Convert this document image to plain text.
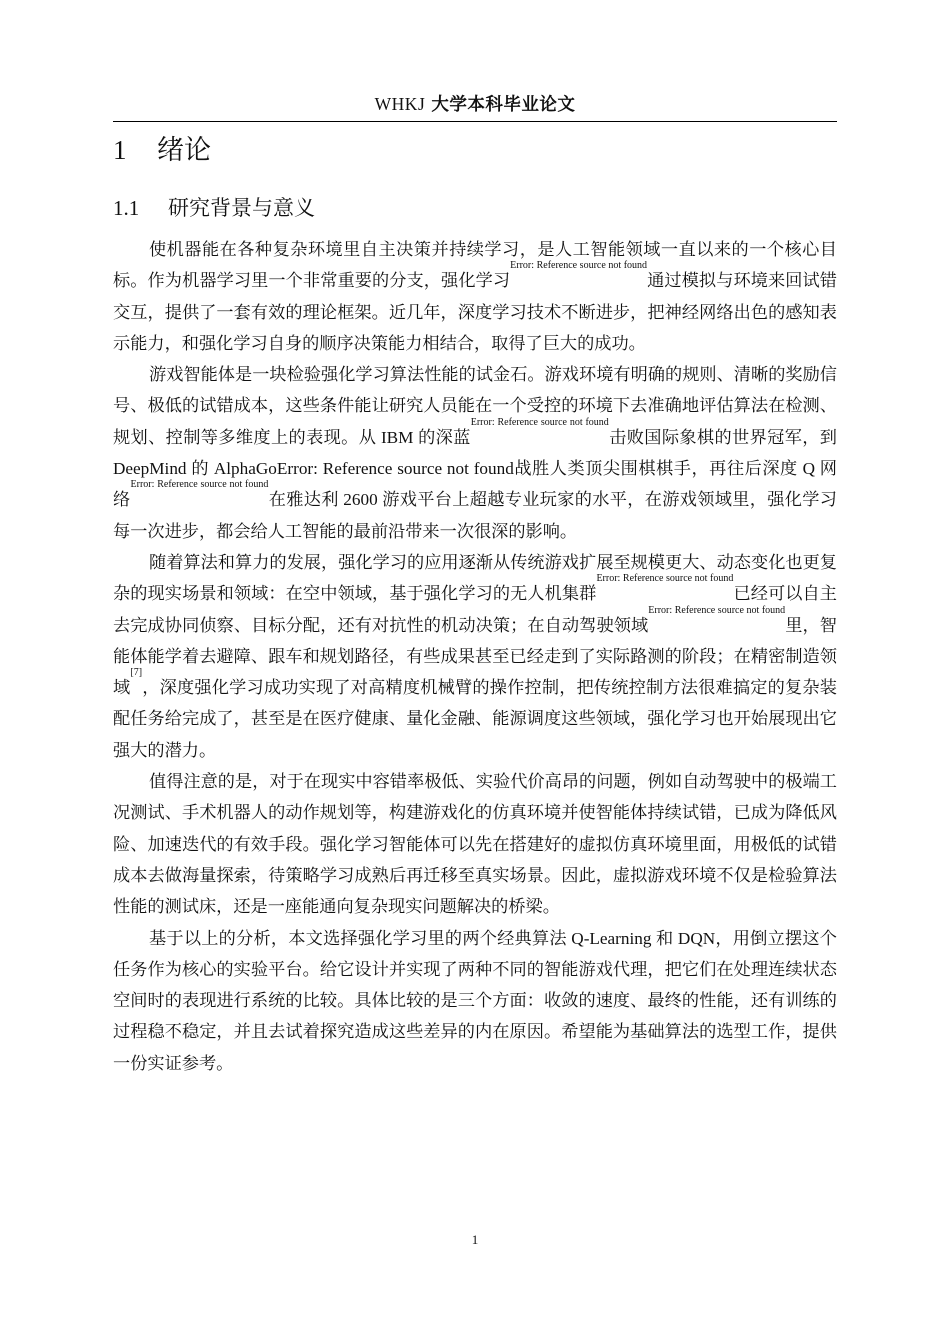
WHKJ 大学本科毕业论文
1 绪论
1.1 研究背景与意义

使机器能在各种复杂环境里自主决策并持续学习，是人工智能领域一直以来的一个核心目标。作为机器学习里一个非常重要的分支，强化学习$^{Error: Reference source not found}$通过模拟与环境来回试错交互，提供了一套有效的理论框架。近几年，深度学习技术不断进步，把神经网络出色的感知表示能力，和强化学习自身的顺序决策能力相结合，取得了巨大的成功。

游戏智能体是一块检验强化学习算法性能的试金石。游戏环境有明确的规则、清晰的奖励信号、极低的试错成本，这些条件能让研究人员能在一个受控的环境下去准确地评估算法在检测、规划、控制等多维度上的表现。从 IBM 的深蓝$^{Error: Reference source not found}$击败国际象棋的世界冠军，到 DeepMind 的 AlphaGoError: Reference source not found战胜人类顶尖围棋棋手，再往后深度 Q 网络$^{Error: Reference source not found}$在雅达利 2600 游戏平台上超越专业玩家的水平，在游戏领域里，强化学习每一次进步，都会给人工智能的最前沿带来一次很深的影响。

随着算法和算力的发展，强化学习的应用逐渐从传统游戏扩展至规模更大、动态变化也更复杂的现实场景和领域：在空中领域，基于强化学习的无人机集群$^{Error: Reference source not found}$已经可以自主去完成协同侦察、目标分配，还有对抗性的机动决策；在自动驾驶领域$^{Error: Reference source not found}$里，智能体能学着去避障、跟车和规划路径，有些成果甚至已经走到了实际路测的阶段；在精密制造领域[7]，深度强化学习成功实现了对高精度机械臂的操作控制，把传统控制方法很难搞定的复杂装配任务给完成了，甚至是在医疗健康、量化金融、能源调度这些领域，强化学习也开始展现出它强大的潜力。

值得注意的是，对于在现实中容错率极低、实验代价高昂的问题，例如自动驾驶中的极端工况测试、手术机器人的动作规划等，构建游戏化的仿真环境并使智能体持续试错，已成为降低风险、加速迭代的有效手段。强化学习智能体可以先在搭建好的虚拟仿真环境里面，用极低的试错成本去做海量探索，待策略学习成熟后再迁移至真实场景。因此，虚拟游戏环境不仅是检验算法性能的测试床，还是一座能通向复杂现实问题解决的桥梁。

基于以上的分析，本文选择强化学习里的两个经典算法 Q-Learning 和 DQN，用倒立摆这个任务作为核心的实验平台。给它设计并实现了两种不同的智能游戏代理，把它们在处理连续状态空间时的表现进行系统的比较。具体比较的是三个方面：收敛的速度、最终的性能，还有训练的过程稳不稳定，并且去试着探究造成这些差异的内在原因。希望能为基础算法的选型工作，提供一份实证参考。

1
